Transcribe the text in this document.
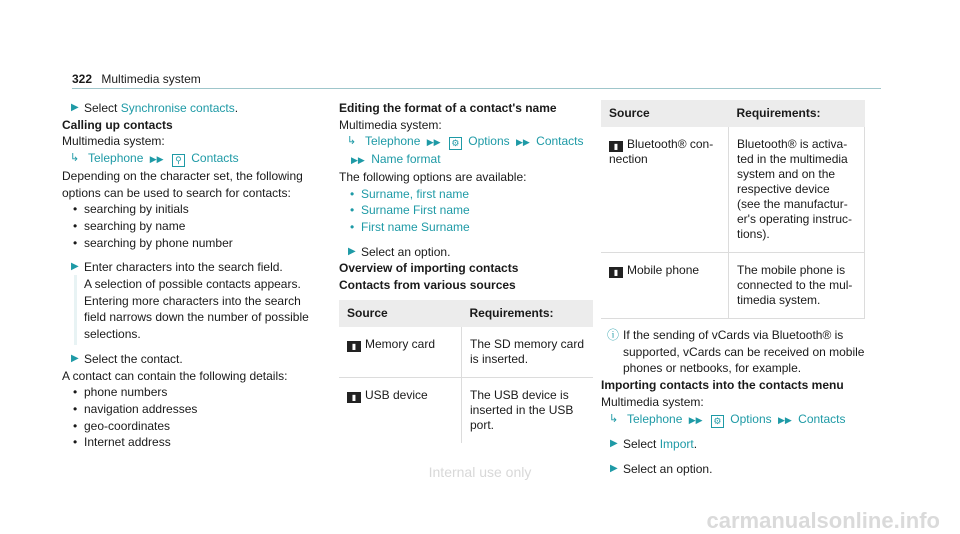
322 Multimedia system

▶ Select Synchronise contacts.

Calling up contacts

Multimedia system:

↳ Telephone ▶▶ ⚲ Contacts

Depending on the character set, the following options can be used to search for contacts:

• searching by initials

• searching by name

• searching by phone number

▶ Enter characters into the search field.
A selection of possible contacts appears. Entering more characters into the search field narrows down the number of possible selections.

▶ Select the contact.

A contact can contain the following details:

• phone numbers

• navigation addresses

• geo-coordinates

• Internet address

Editing the format of a contact's name

Multimedia system:

↳ Telephone ▶▶ ⚙ Options ▶▶ Contacts

▶▶ Name format

The following options are available:

• Surname, first name

• Surname First name

• First name Surname

▶ Select an option.

Overview of importing contacts

Contacts from various sources

Source	Requirements:
▮ Memory card	The SD memory card is inserted.
▮ USB device	The USB device is inserted in the USB port.
Source	Requirements:
▮ Bluetooth® con-nection	Bluetooth® is activa-ted in the multimedia system and on the respective device (see the manufactur-er's operating instruc-tions).
▮ Mobile phone	The mobile phone is connected to the mul-timedia system.

ⓘ If the sending of vCards via Bluetooth® is supported, vCards can be received on mobile phones or netbooks, for example.

Importing contacts into the contacts menu

Multimedia system:

↳ Telephone ▶▶ ⚙ Options ▶▶ Contacts

▶ Select Import.

▶ Select an option.

Internal use only
carmanualsonline.info
